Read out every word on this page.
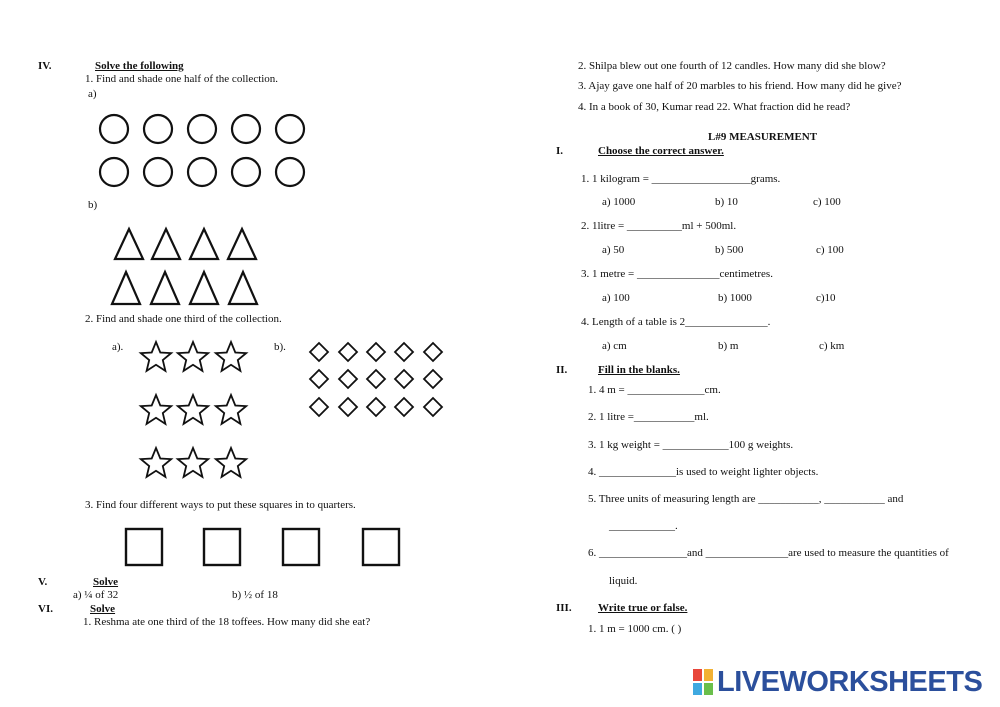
IV.	Solve the following
1. Find and shade one half of the collection.
a)
b)
2. Find and shade one third of the collection.
a).	b).
3. Find four different ways to put these squares in to quarters.
V.	Solve
a) ¼ of 32	b) ½ of 18
VI.	Solve
1. Reshma ate one third of the 18 toffees. How many did she eat?
2. Shilpa blew out one fourth of 12 candles. How many did she blow?
3. Ajay gave one half of 20 marbles to his friend. How many did he give?
4. In a book of 30, Kumar read 22. What fraction did he read?
L#9 MEASUREMENT
I.	Choose the correct answer.
1. 1 kilogram = __________________grams.
a) 1000	b) 10	c) 100
2. 1litre = __________ml + 500ml.
a) 50	b) 500	c) 100
3. 1 metre = _______________centimetres.
a) 100	b) 1000	c)10
4. Length of a table is 2_______________.
a) cm	b) m	c) km
II.	Fill in the blanks.
1. 4 m = ______________cm.
2. 1 litre =___________ml.
3. 1 kg weight = ____________100 g weights.
4. ______________is used to weight lighter objects.
5. Three units of measuring length are ___________, ___________ and
____________.
6. ________________and _______________are used to measure the quantities of
liquid.
III. Write true or false.
1. 1 m = 1000 cm. ( )
LIVEWORKSHEETS
